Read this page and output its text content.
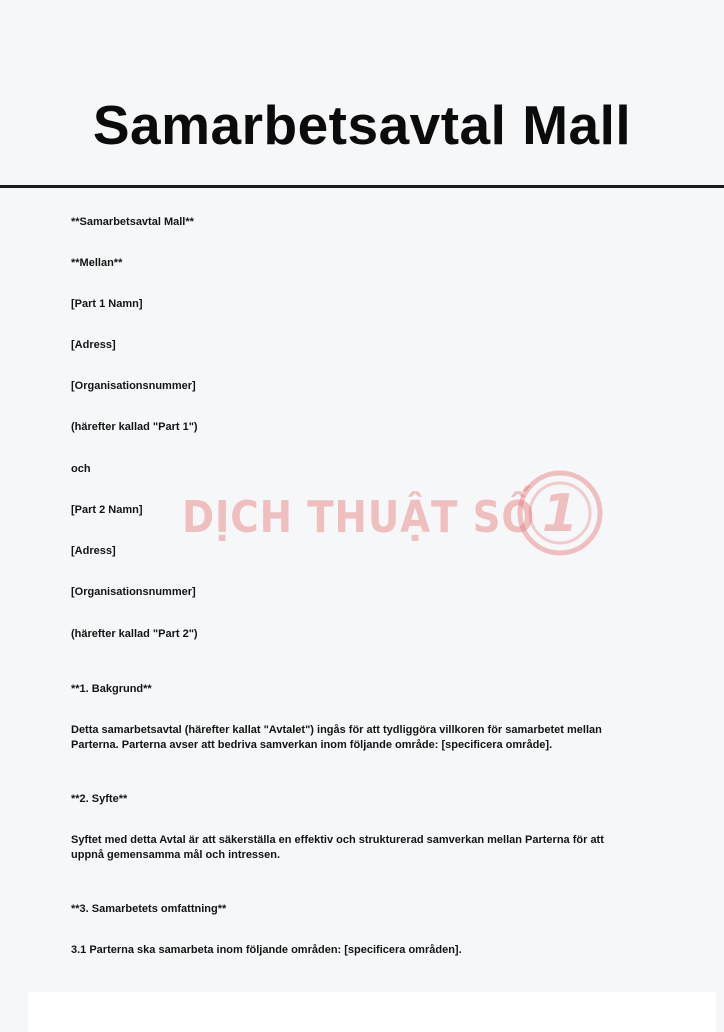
Samarbetsavtal Mall
**Samarbetsavtal Mall**
**Mellan**
[Part 1 Namn]
[Adress]
[Organisationsnummer]
(härefter kallad "Part 1")
och
[Part 2 Namn]
[Adress]
[Organisationsnummer]
(härefter kallad "Part 2")
**1. Bakgrund**
Detta samarbetsavtal (härefter kallat "Avtalet") ingås för att tydliggöra villkoren för samarbetet mellan Parterna. Parterna avser att bedriva samverkan inom följande område: [specificera område].
**2. Syfte**
Syftet med detta Avtal är att säkerställa en effektiv och strukturerad samverkan mellan Parterna för att uppnå gemensamma mål och intressen.
**3. Samarbetets omfattning**
3.1 Parterna ska samarbeta inom följande områden: [specificera områden].
DỊCH THUẬT SỐ 1
